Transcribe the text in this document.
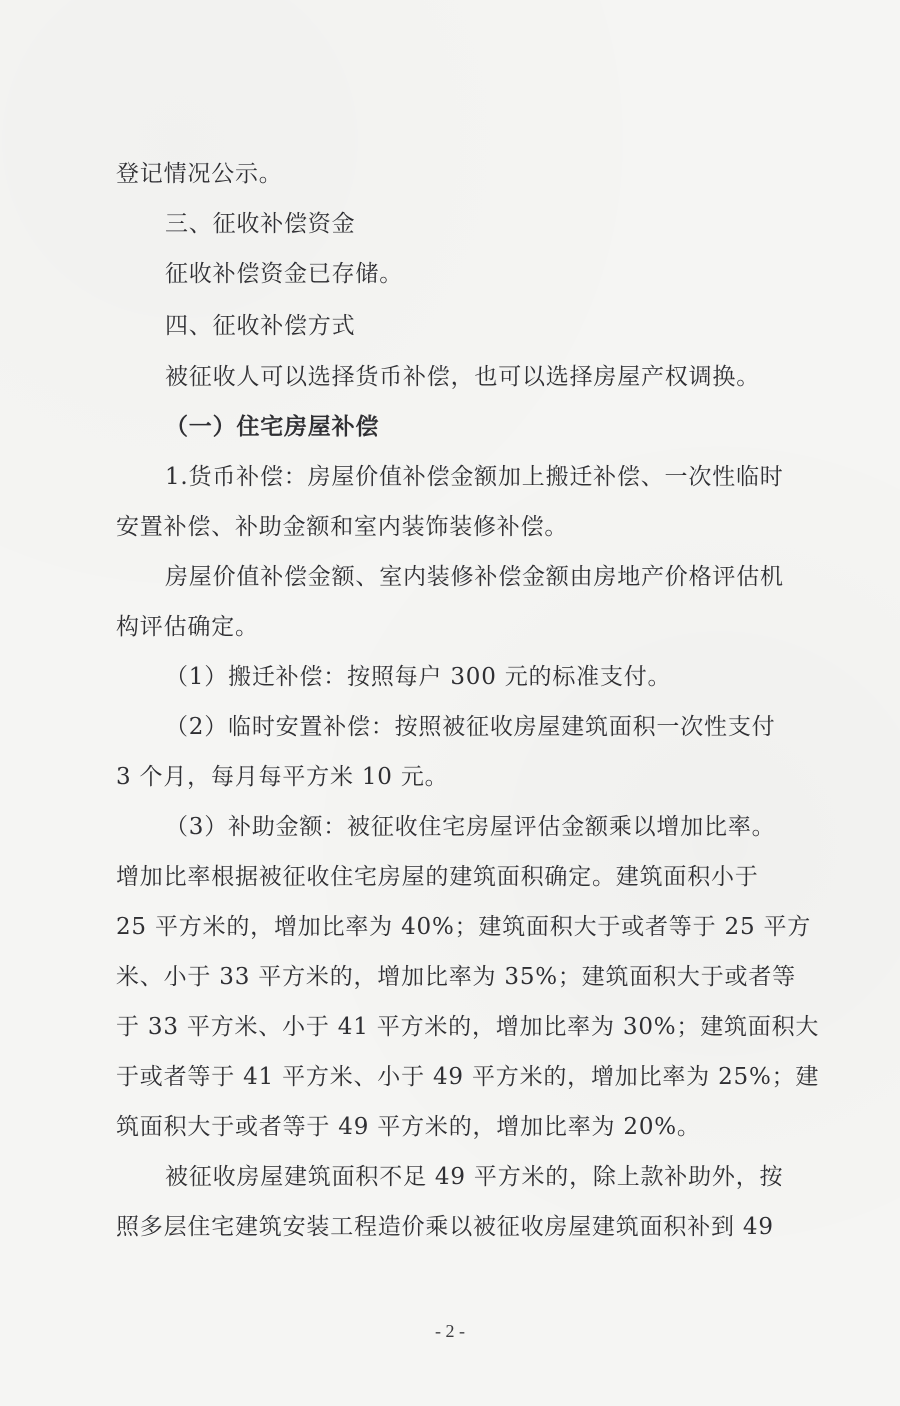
登记情况公示。
三、征收补偿资金
征收补偿资金已存储。
四、征收补偿方式
被征收人可以选择货币补偿，也可以选择房屋产权调换。
（一）住宅房屋补偿
1.货币补偿：房屋价值补偿金额加上搬迁补偿、一次性临时
安置补偿、补助金额和室内装饰装修补偿。
房屋价值补偿金额、室内装修补偿金额由房地产价格评估机
构评估确定。
（1）搬迁补偿：按照每户 300 元的标准支付。
（2）临时安置补偿：按照被征收房屋建筑面积一次性支付
3 个月，每月每平方米 10 元。
（3）补助金额：被征收住宅房屋评估金额乘以增加比率。
增加比率根据被征收住宅房屋的建筑面积确定。建筑面积小于
25 平方米的，增加比率为 40%；建筑面积大于或者等于 25 平方
米、小于 33 平方米的，增加比率为 35%；建筑面积大于或者等
于 33 平方米、小于 41 平方米的，增加比率为 30%；建筑面积大
于或者等于 41 平方米、小于 49 平方米的，增加比率为 25%；建
筑面积大于或者等于 49 平方米的，增加比率为 20%。
被征收房屋建筑面积不足 49 平方米的，除上款补助外，按
照多层住宅建筑安装工程造价乘以被征收房屋建筑面积补到 49
- 2 -
